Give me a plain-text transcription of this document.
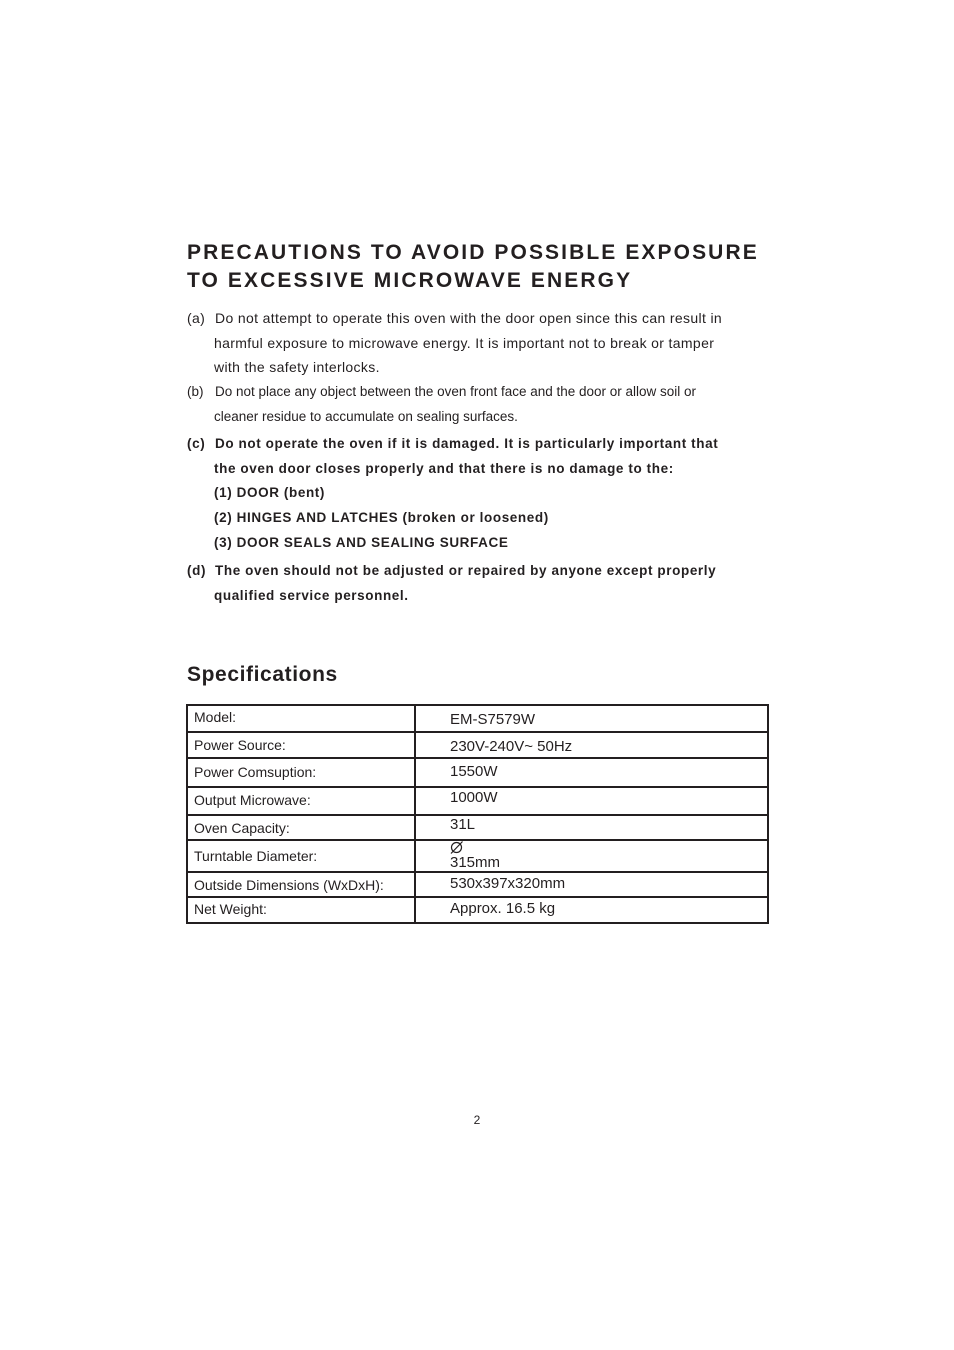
PRECAUTIONS TO AVOID POSSIBLE EXPOSURE
TO EXCESSIVE MICROWAVE ENERGY
(a) Do not attempt to operate this oven with the door open since this can result in
harmful exposure to microwave energy. It is important not to break or tamper
with the safety interlocks.
(b) Do not place any object between the oven front face and the door or allow soil or
cleaner residue to accumulate on sealing surfaces.
(c) Do not operate the oven if it is damaged. It is particularly important that
the oven door closes properly and that there is no damage to the:
(1) DOOR (bent)
(2) HINGES AND LATCHES (broken or loosened)
(3) DOOR SEALS AND SEALING SURFACE
(d) The oven should not be adjusted or repaired by anyone except properly
qualified service personnel.
Specifications
Model:	EM-S7579W

Power Source:	230V-240V~ 50Hz

Power Comsuption:	1550W

Output Microwave:	1000W

Oven Capacity:	31L

Turntable Diameter:	315mm

Outside Dimensions (WxDxH):	530x397x320mm

Net Weight:	Approx. 16.5 kg
2
